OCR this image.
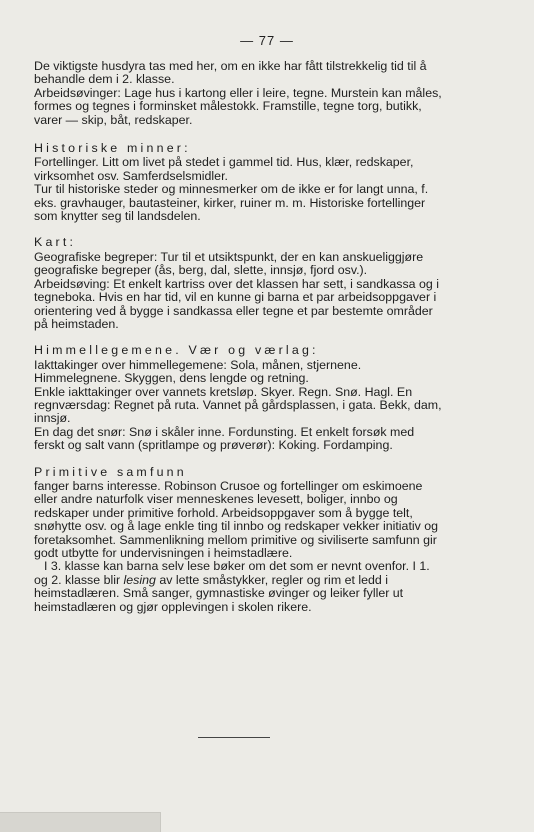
— 77 —

De viktigste husdyra tas med her, om en ikke har fått tilstrekkelig tid til å behandle dem i 2. klasse.

Arbeidsøvinger: Lage hus i kartong eller i leire, tegne. Murstein kan måles, formes og tegnes i forminsket målestokk. Framstille, tegne torg, butikk, varer — skip, båt, redskaper.

Historiske minner:

Fortellinger. Litt om livet på stedet i gammel tid. Hus, klær, redskaper, virksomhet osv. Samferdselsmidler.

Tur til historiske steder og minnesmerker om de ikke er for langt unna, f. eks. gravhauger, bautasteiner, kirker, ruiner m. m. Historiske fortellinger som knytter seg til landsdelen.

Kart:

Geografiske begreper: Tur til et utsiktspunkt, der en kan anskueliggjøre geografiske begreper (ås, berg, dal, slette, innsjø, fjord osv.).

Arbeidsøving: Et enkelt kartriss over det klassen har sett, i sandkassa og i tegneboka. Hvis en har tid, vil en kunne gi barna et par arbeidsoppgaver i orientering ved å bygge i sandkassa eller tegne et par bestemte områder på heimstaden.

Himmellegemene. Vær og værlag:

Iakttakinger over himmellegemene: Sola, månen, stjernene. Himmelegnene. Skyggen, dens lengde og retning.

Enkle iakttakinger over vannets kretsløp. Skyer. Regn. Snø. Hagl. En regnværsdag: Regnet på ruta. Vannet på gårdsplassen, i gata. Bekk, dam, innsjø.

En dag det snør: Snø i skåler inne. Fordunsting. Et enkelt forsøk med ferskt og salt vann (spritlampe og prøverør): Koking. Fordamping.

Primitive samfunn

fanger barns interesse. Robinson Crusoe og fortellinger om eskimoene eller andre naturfolk viser menneskenes levesett, boliger, innbo og redskaper under primitive forhold. Arbeidsoppgaver som å bygge telt, snøhytte osv. og å lage enkle ting til innbo og redskaper vekker initiativ og foretaksomhet. Sammenlikning mellom primitive og siviliserte samfunn gir godt utbytte for undervisningen i heimstadlære.

I 3. klasse kan barna selv lese bøker om det som er nevnt ovenfor. I 1. og 2. klasse blir lesing av lette småstykker, regler og rim et ledd i heimstadlæren. Små sanger, gymnastiske øvinger og leiker fyller ut heimstadlæren og gjør opplevingen i skolen rikere.
